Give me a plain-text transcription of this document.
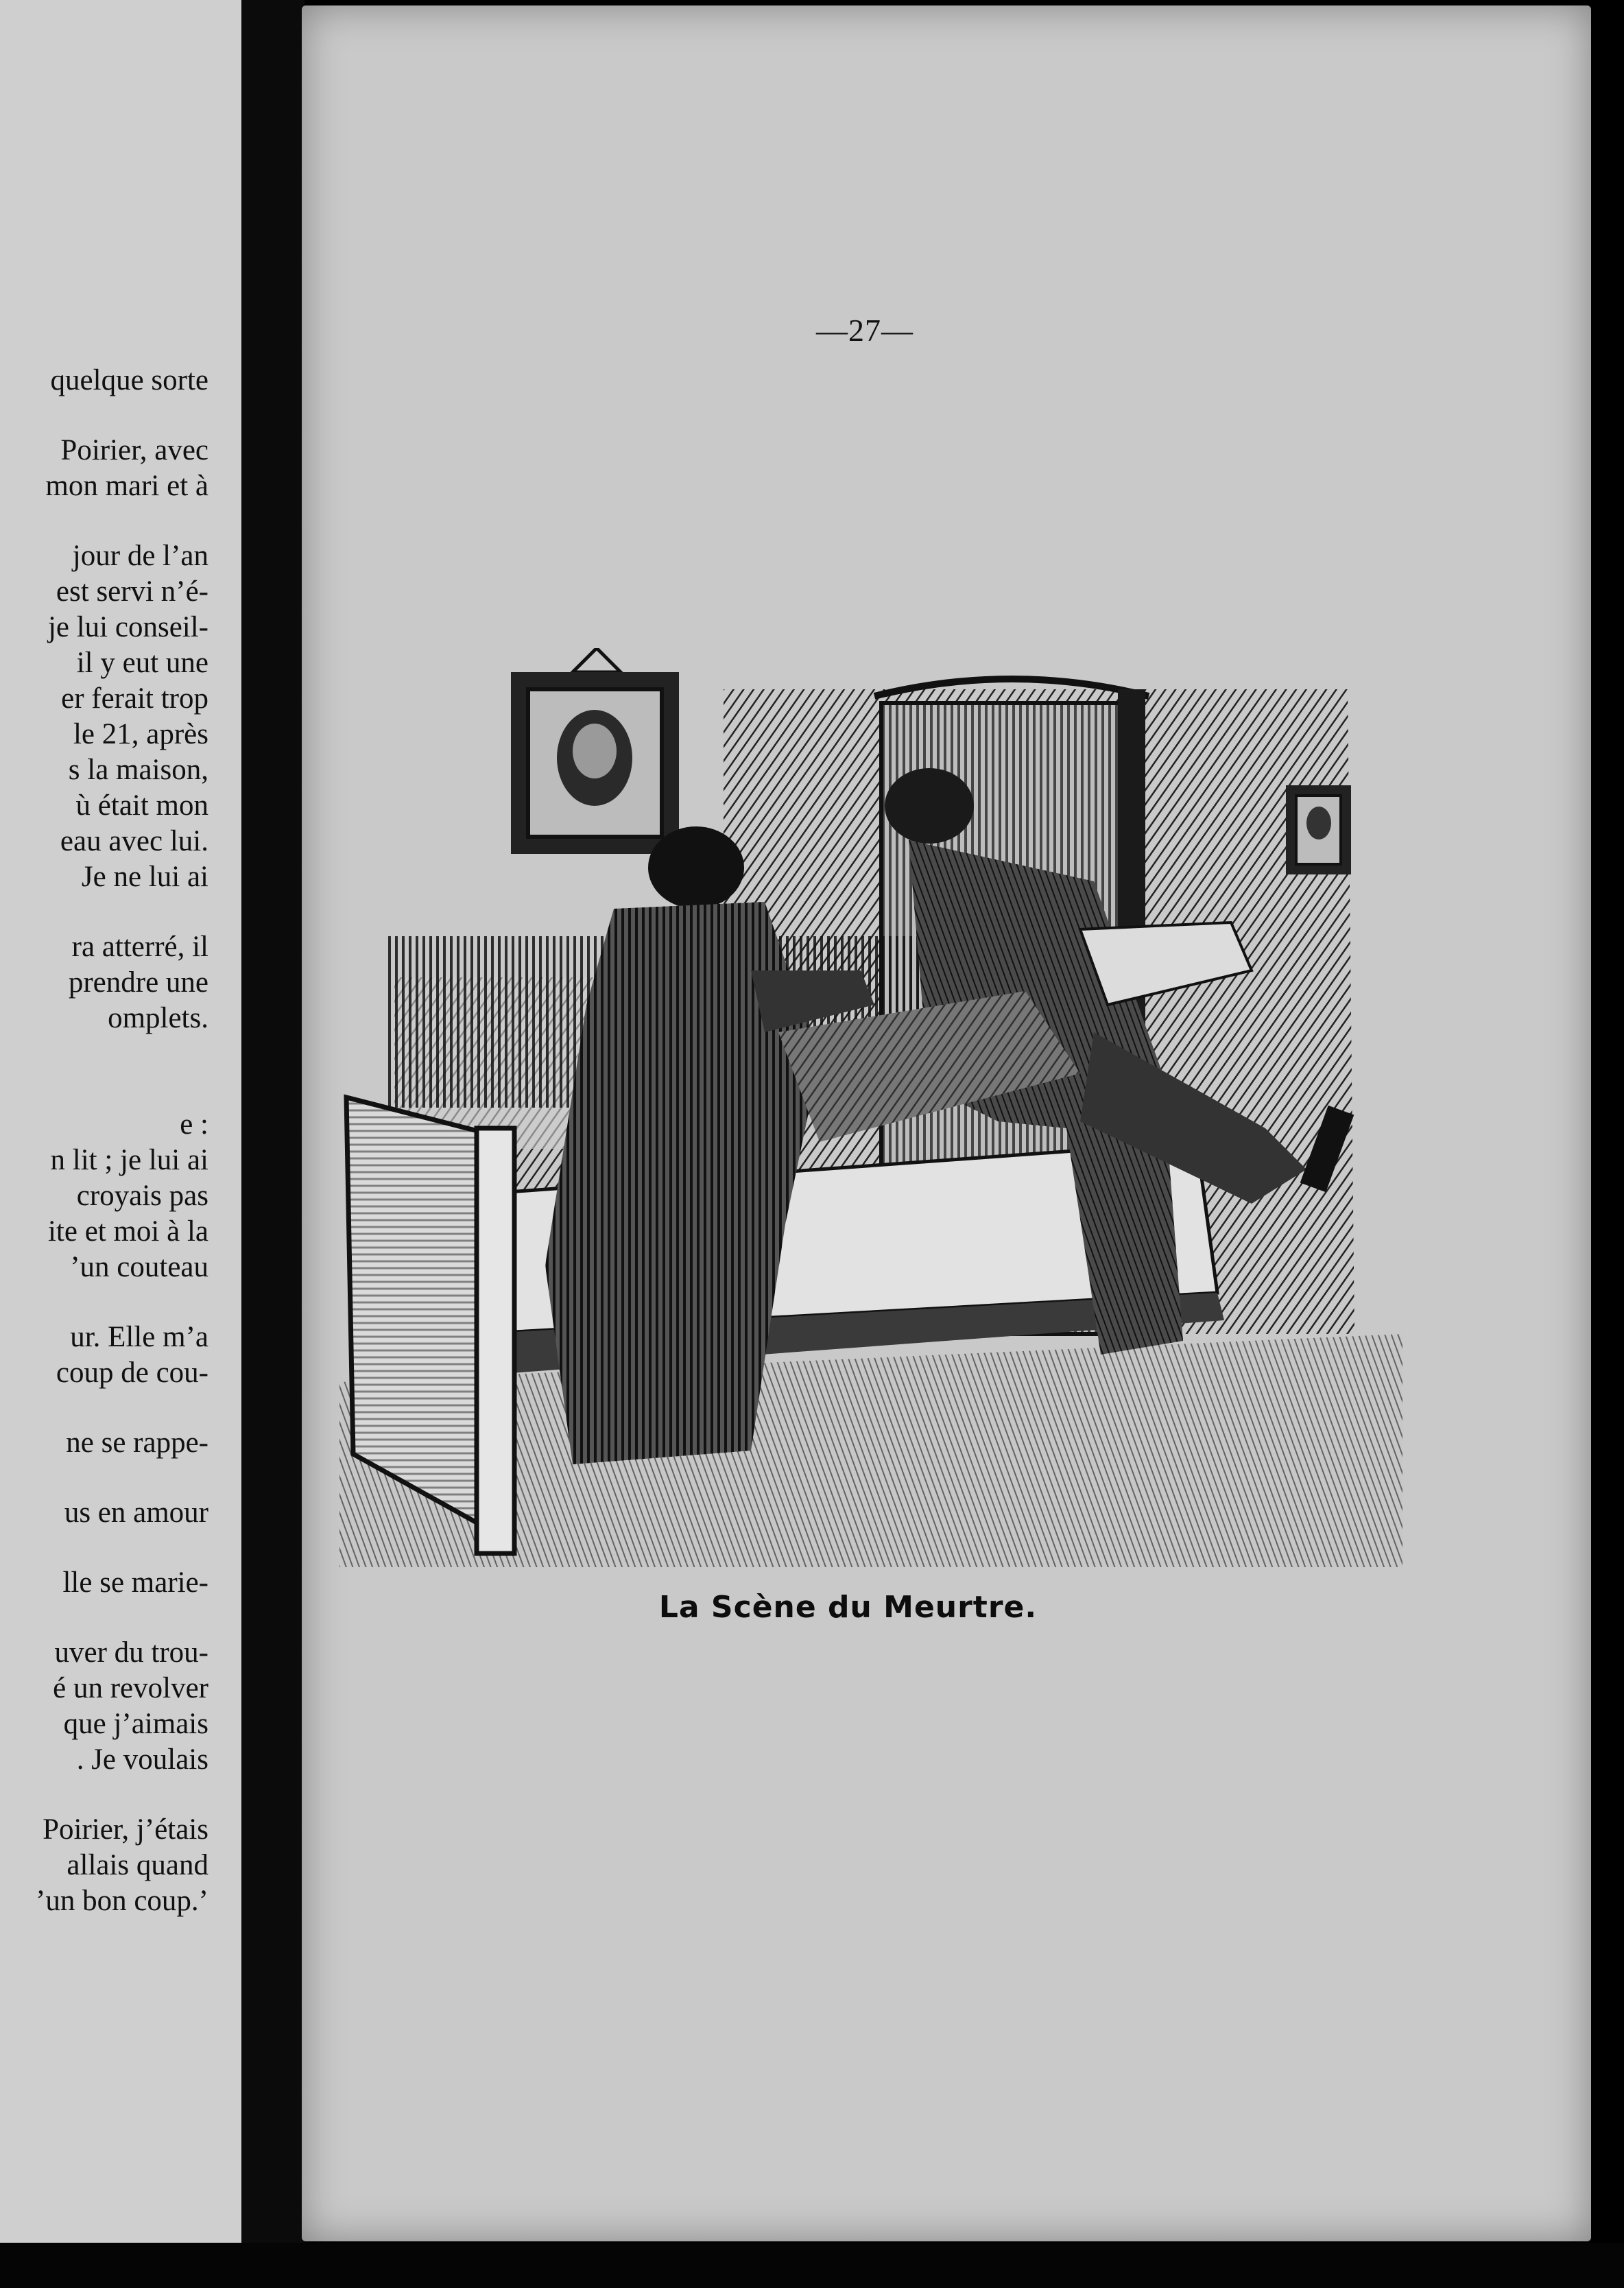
quelque sorte
Poirier, avec
mon mari et à
jour de l’an
est servi n’é-
je lui conseil-
il y eut une
er ferait trop
le 21, après
s la maison,
ù était mon
eau avec lui.
Je ne lui ai
ra atterré, il
prendre une
omplets.
e :
n lit ; je lui ai
croyais pas
ite et moi à la
’un couteau
ur. Elle m’a
coup de cou-
ne se rappe-
us en amour
lle se marie-
uver du trou-
é un revolver
que j’aimais
. Je voulais
Poirier, j’étais
allais quand
’un bon coup.’
—27—
La Scène du Meurtre.
